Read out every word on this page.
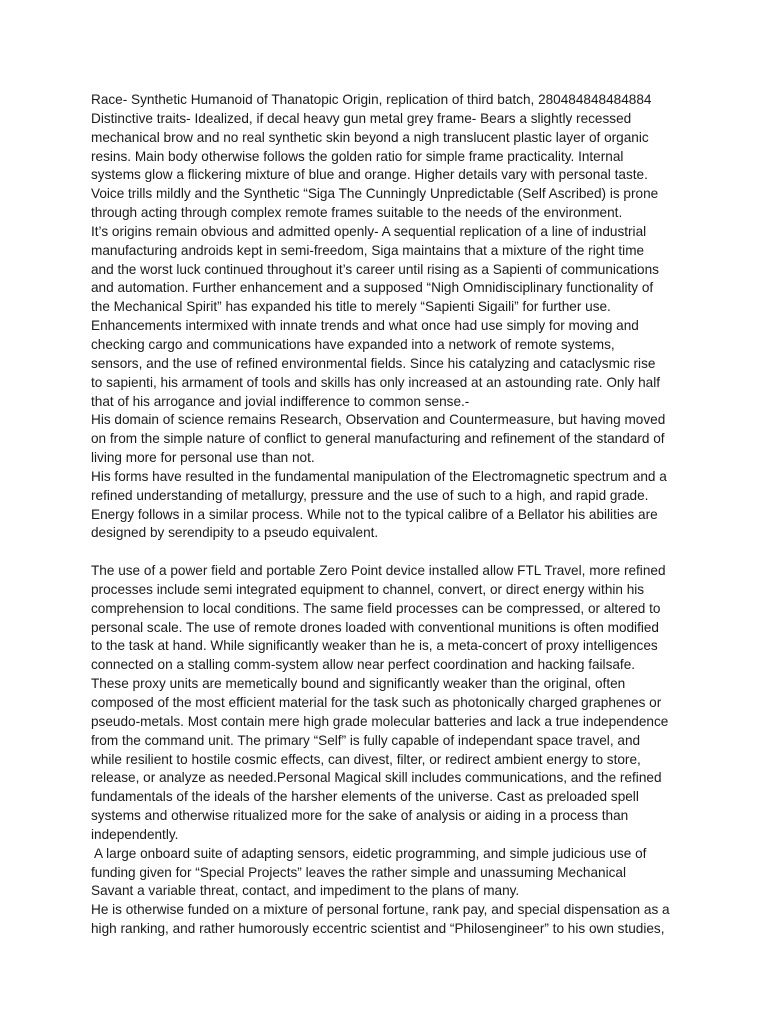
Race- Synthetic Humanoid of Thanatopic Origin, replication of third batch, 280484848484884
Distinctive traits- Idealized, if decal heavy gun metal grey frame- Bears a slightly recessed
mechanical brow and no real synthetic skin beyond a nigh translucent plastic layer of organic
resins. Main body otherwise follows the golden ratio for simple frame practicality. Internal
systems glow a flickering mixture of blue and orange. Higher details vary with personal taste.
Voice trills mildly and the Synthetic “Siga The Cunningly Unpredictable (Self Ascribed) is prone
through acting through complex remote frames suitable to the needs of the environment.
It’s origins remain obvious and admitted openly- A sequential replication of a line of industrial
manufacturing androids kept in semi-freedom, Siga maintains that a mixture of the right time
and the worst luck continued throughout it’s career until rising as a Sapienti of communications
and automation. Further enhancement and a supposed “Nigh Omnidisciplinary functionality of
the Mechanical Spirit” has expanded his title to merely “Sapienti Sigaili” for further use.
Enhancements intermixed with innate trends and what once had use simply for moving and
checking cargo and communications have expanded into a network of remote systems,
sensors, and the use of refined environmental fields. Since his catalyzing and cataclysmic rise
to sapienti, his armament of tools and skills has only increased at an astounding rate. Only half
that of his arrogance and jovial indifference to common sense.-
His domain of science remains Research, Observation and Countermeasure, but having moved
on from the simple nature of conflict to general manufacturing and refinement of the standard of
living more for personal use than not.
His forms have resulted in the fundamental manipulation of the Electromagnetic spectrum and a
refined understanding of metallurgy, pressure and the use of such to a high, and rapid grade.
Energy follows in a similar process. While not to the typical calibre of a Bellator his abilities are
designed by serendipity to a pseudo equivalent.
The use of a power field and portable Zero Point device installed allow FTL Travel, more refined
processes include semi integrated equipment to channel, convert, or direct energy within his
comprehension to local conditions. The same field processes can be compressed, or altered to
personal scale. The use of remote drones loaded with conventional munitions is often modified
to the task at hand. While significantly weaker than he is, a meta-concert of proxy intelligences
connected on a stalling comm-system allow near perfect coordination and hacking failsafe.
These proxy units are memetically bound and significantly weaker than the original, often
composed of the most efficient material for the task such as photonically charged graphenes or
pseudo-metals. Most contain mere high grade molecular batteries and lack a true independence
from the command unit. The primary “Self” is fully capable of independant space travel, and
while resilient to hostile cosmic effects, can divest, filter, or redirect ambient energy to store,
release, or analyze as needed.Personal Magical skill includes communications, and the refined
fundamentals of the ideals of the harsher elements of the universe. Cast as preloaded spell
systems and otherwise ritualized more for the sake of analysis or aiding in a process than
independently.
A large onboard suite of adapting sensors, eidetic programming, and simple judicious use of
funding given for “Special Projects” leaves the rather simple and unassuming Mechanical
Savant a variable threat, contact, and impediment to the plans of many.
He is otherwise funded on a mixture of personal fortune, rank pay, and special dispensation as a
high ranking, and rather humorously eccentric scientist and “Philosengineer” to his own studies,
